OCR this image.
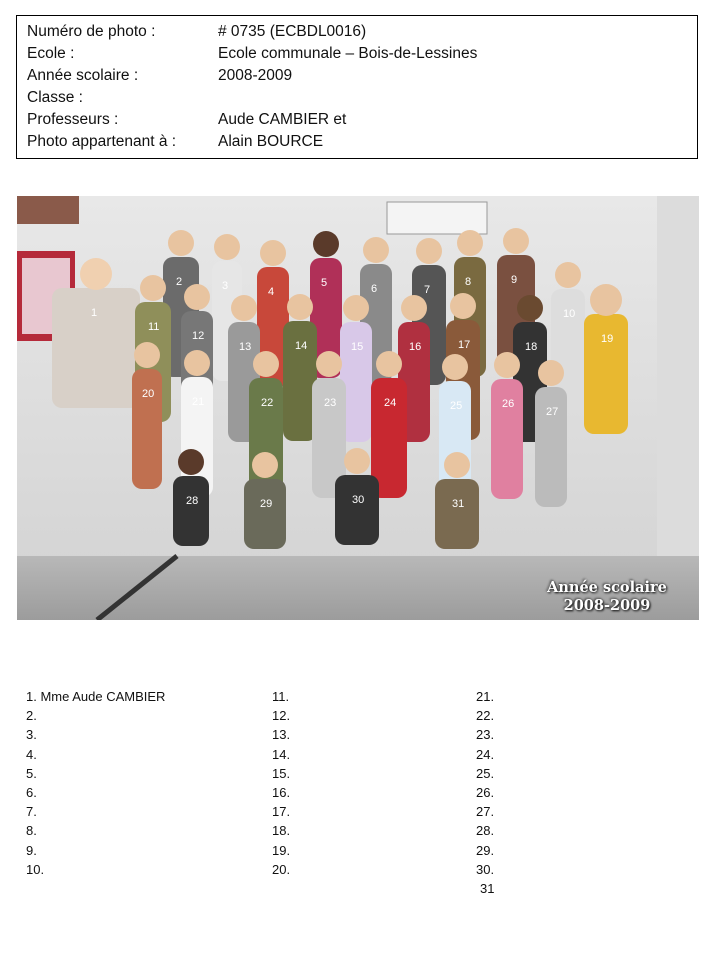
Numéro de photo :	# 0735 (ECBDL0016)
Ecole :	Ecole communale – Bois-de-Lessines
Année scolaire :	2008-2009
Classe :
Professeurs :	Aude CAMBIER et
Photo appartenant à :	Alain BOURCE
Année scolaire
2008-2009
1
2	3	4
5	6	7
8	9
10
11
12
13	14	15	16	17	18
19
20
21	22	23	24	25	26
27
28	29	30	31
1. Mme Aude CAMBIER
2.
3.
4.
5.
6.
7.
8.
9.
10.
11.
12.
13.
14.
15.
16.
17.
18.
19.
20.
21.
22.
23.
24.
25.
26.
27.
28.
29.
30.
31
